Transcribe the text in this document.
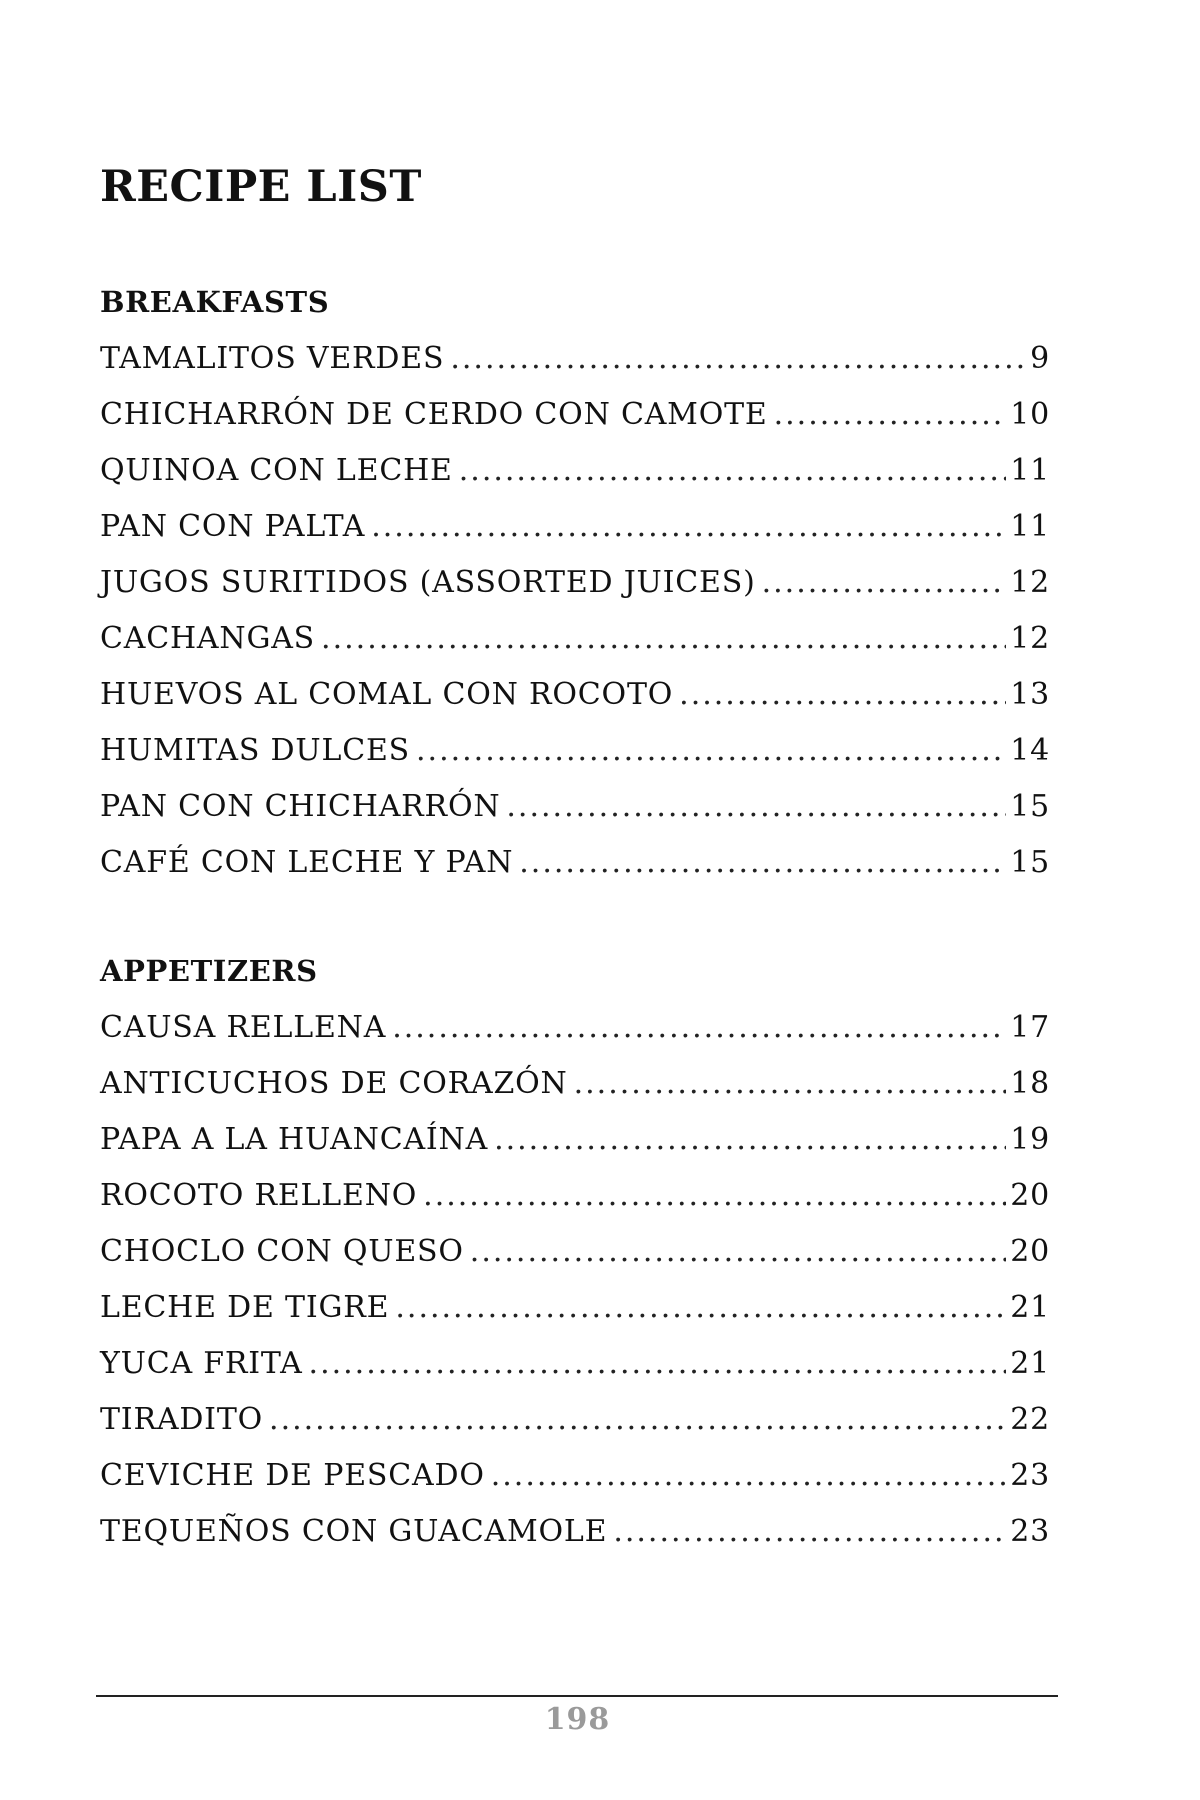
RECIPE LIST
BREAKFASTS
TAMALITOS VERDES .....	9
CHICHARRÓN DE CERDO CON CAMOTE .....	10
QUINOA CON LECHE .....	11
PAN CON PALTA .....	11
JUGOS SURITIDOS (ASSORTED JUICES) .....	12
CACHANGAS .....	12
HUEVOS AL COMAL CON ROCOTO .....	13
HUMITAS DULCES .....	14
PAN CON CHICHARRÓN .....	15
CAFÉ CON LECHE Y PAN .....	15
APPETIZERS
CAUSA RELLENA .....	17
ANTICUCHOS DE CORAZÓN .....	18
PAPA A LA HUANCAÍNA .....	19
ROCOTO RELLENO .....	20
CHOCLO CON QUESO .....	20
LECHE DE TIGRE .....	21
YUCA FRITA .....	21
TIRADITO .....	22
CEVICHE DE PESCADO .....	23
TEQUEÑOS CON GUACAMOLE .....	23
198
